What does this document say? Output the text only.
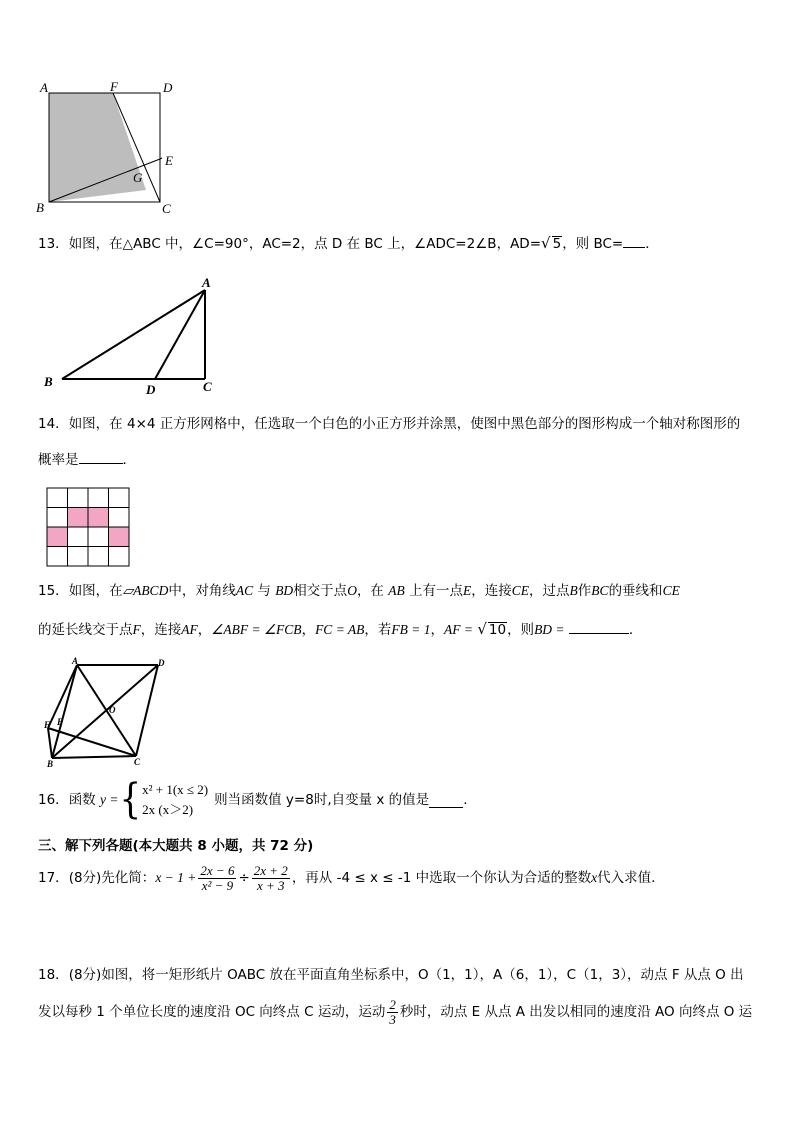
A	F	D
E
G
B	C
13．如图，在△ABC 中，∠C=90°，AC=2，点 D 在 BC 上，∠ADC=2∠B，AD=√ 5，则 BC= ．
A
B
D	C
14．如图，在 4×4 正方形网格中，任选取一个白色的小正方形并涂黑，使图中黑色部分的图形构成一个轴对称图形的
概率是	．
15．如图，在▱ABCD中，对角线AC 与 BD相交于点O，在 AB 上有一点E，连接CE，过点B作BC的垂线和CE
的延长线交于点F，连接AF，∠ABF = ∠FCB，FC = AB，若FB = 1，AF = √ 10，则BD =	．
A	D
F E
O
B	C
16． 函数
y = { x² + 1(x ≤ 2)
2x (x＞2)
则当函数值 y=8时,自变量 x 的值是	.
三、解下列各题(本大题共 8 小题，共 72 分)
17． (8分) 先化简： $x - 1 + \frac{2x - 6}{\text{x² − 9}} \div \frac{2x + 2}{x + 3}$ ，再从 -4 ≤ x ≤ -1 中选取一个你认为合适的整数 x 代入求值.
18．(8分)如图，将一矩形纸片 OABC 放在平面直角坐标系中，O（1，1），A（6，1），C（1，3），动点 F 从点 O 出
发以每秒 1 个单位长度的速度沿 OC 向终点 C 运动，运动 $\frac{2}{3}$ 秒时，动点 E 从点 A 出发以相同的速度沿 AO 向终点 O 运
